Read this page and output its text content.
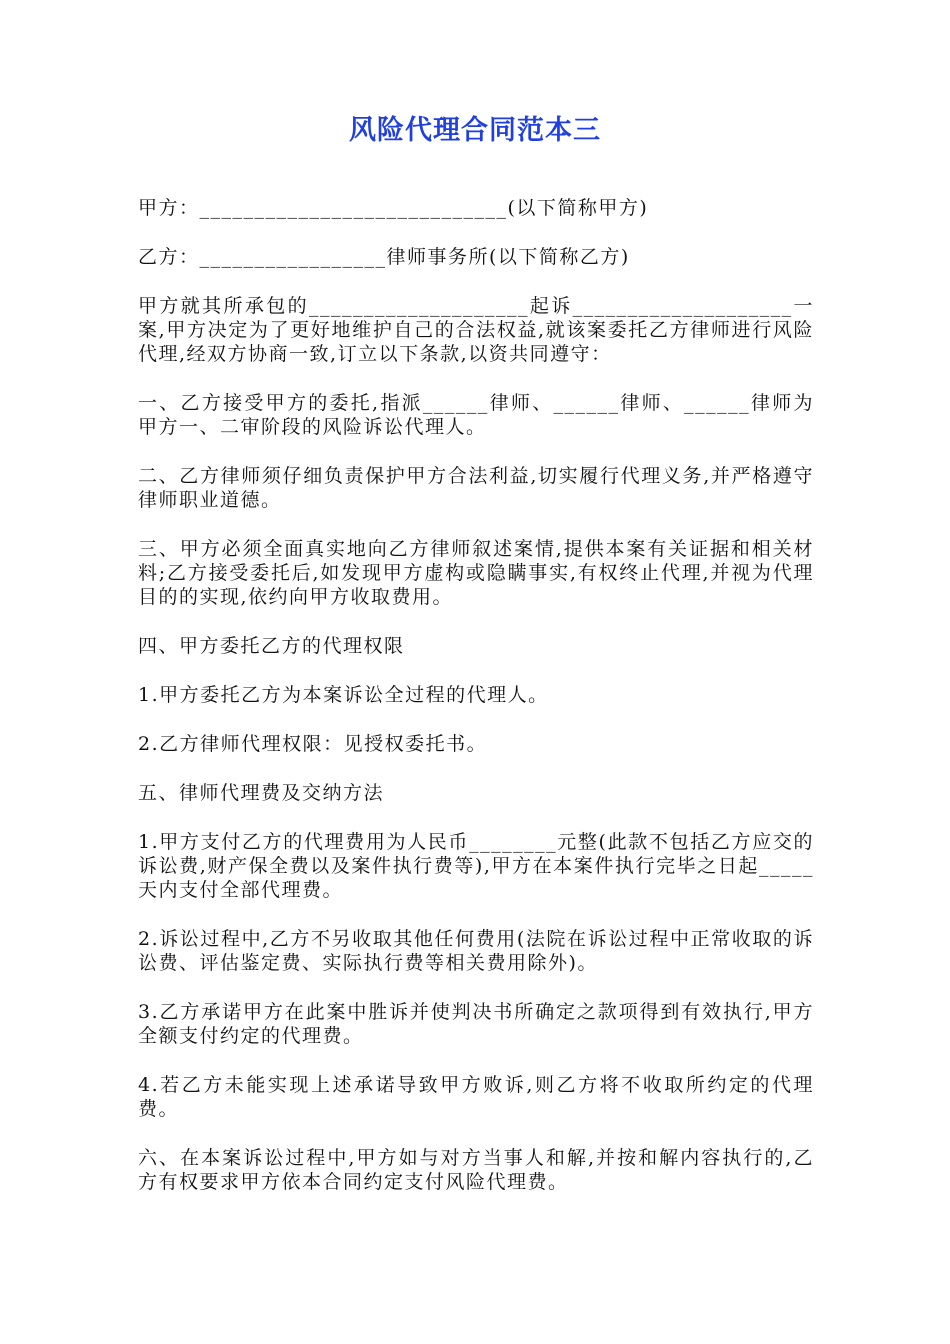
风险代理合同范本三

甲方：____________________________(以下简称甲方)

乙方：_________________律师事务所(以下简称乙方)

甲方就其所承包的____________________起诉____________________一案,甲方决定为了更好地维护自己的合法权益,就该案委托乙方律师进行风险代理,经双方协商一致,订立以下条款,以资共同遵守：

一、乙方接受甲方的委托,指派______律师、______律师、______律师为甲方一、二审阶段的风险诉讼代理人。

二、乙方律师须仔细负责保护甲方合法利益,切实履行代理义务,并严格遵守律师职业道德。

三、甲方必须全面真实地向乙方律师叙述案情,提供本案有关证据和相关材料;乙方接受委托后,如发现甲方虚构或隐瞒事实,有权终止代理,并视为代理目的的实现,依约向甲方收取费用。

四、甲方委托乙方的代理权限

1.甲方委托乙方为本案诉讼全过程的代理人。

2.乙方律师代理权限：见授权委托书。

五、律师代理费及交纳方法

1.甲方支付乙方的代理费用为人民币________元整(此款不包括乙方应交的诉讼费,财产保全费以及案件执行费等),甲方在本案件执行完毕之日起_____天内支付全部代理费。

2.诉讼过程中,乙方不另收取其他任何费用(法院在诉讼过程中正常收取的诉讼费、评估鉴定费、实际执行费等相关费用除外)。

3.乙方承诺甲方在此案中胜诉并使判决书所确定之款项得到有效执行,甲方全额支付约定的代理费。

4.若乙方未能实现上述承诺导致甲方败诉,则乙方将不收取所约定的代理费。

六、在本案诉讼过程中,甲方如与对方当事人和解,并按和解内容执行的,乙方有权要求甲方依本合同约定支付风险代理费。
